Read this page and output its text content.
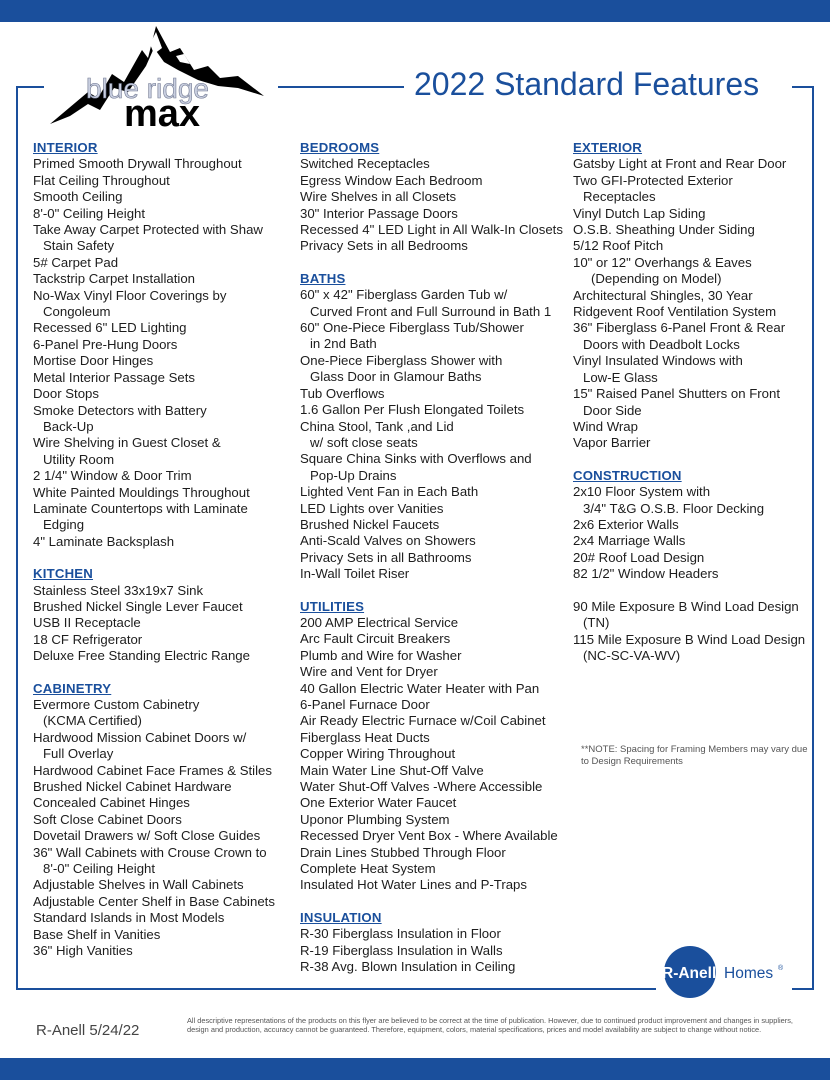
blue ridge
max
2022 Standard Features
INTERIOR
Primed Smooth Drywall Throughout
Flat Ceiling Throughout
Smooth Ceiling
8'-0" Ceiling Height
Take Away Carpet Protected with Shaw
Stain Safety
5# Carpet Pad
Tackstrip Carpet Installation
No-Wax Vinyl Floor Coverings by
Congoleum
Recessed 6" LED Lighting
6-Panel Pre-Hung Doors
Mortise Door Hinges
Metal Interior Passage Sets
Door Stops
Smoke Detectors with Battery
Back-Up
Wire Shelving in Guest Closet &
Utility Room
2 1/4" Window & Door Trim
White Painted Mouldings Throughout
Laminate Countertops with Laminate
Edging
4" Laminate Backsplash
KITCHEN
Stainless Steel 33x19x7 Sink
Brushed Nickel Single Lever Faucet
USB II Receptacle
18 CF Refrigerator
Deluxe Free Standing Electric Range
CABINETRY
Evermore Custom Cabinetry
(KCMA Certified)
Hardwood Mission Cabinet Doors w/
Full Overlay
Hardwood Cabinet Face Frames & Stiles
Brushed Nickel Cabinet Hardware
Concealed Cabinet Hinges
Soft Close Cabinet Doors
Dovetail Drawers w/ Soft Close Guides
36" Wall Cabinets with Crouse Crown to
8'-0" Ceiling Height
Adjustable Shelves in Wall Cabinets
Adjustable Center Shelf in Base Cabinets
Standard Islands in Most Models
Base Shelf in Vanities
36" High Vanities
BEDROOMS
Switched Receptacles
Egress Window Each Bedroom
Wire Shelves in all Closets
30" Interior Passage Doors
Recessed 4" LED Light in All Walk-In Closets
Privacy Sets in all Bedrooms
BATHS
60" x 42" Fiberglass Garden Tub w/
Curved Front and Full Surround in Bath 1
60" One-Piece Fiberglass Tub/Shower
in 2nd Bath
One-Piece Fiberglass Shower with
Glass Door in Glamour Baths
Tub Overflows
1.6 Gallon Per Flush Elongated Toilets
China Stool, Tank ,and Lid
w/ soft close seats
Square China Sinks with Overflows and
Pop-Up Drains
Lighted Vent Fan in Each Bath
LED Lights over Vanities
Brushed Nickel Faucets
Anti-Scald Valves on Showers
Privacy Sets in all Bathrooms
In-Wall Toilet Riser
UTILITIES
200 AMP Electrical Service
Arc Fault Circuit Breakers
Plumb and Wire for Washer
Wire and Vent for Dryer
40 Gallon Electric Water Heater with Pan
6-Panel Furnace Door
Air Ready Electric Furnace w/Coil Cabinet
Fiberglass Heat Ducts
Copper Wiring Throughout
Main Water Line Shut-Off Valve
Water Shut-Off Valves -Where Accessible
One Exterior Water Faucet
Uponor Plumbing System
Recessed Dryer Vent Box - Where Available
Drain Lines Stubbed Through Floor
Complete Heat System
Insulated Hot Water Lines and P-Traps
INSULATION
R-30 Fiberglass Insulation in Floor
R-19 Fiberglass Insulation in Walls
R-38 Avg. Blown Insulation in Ceiling
EXTERIOR
Gatsby Light at Front and Rear Door
Two GFI-Protected Exterior
Receptacles
Vinyl Dutch Lap Siding
O.S.B. Sheathing Under Siding
5/12 Roof Pitch
10" or 12" Overhangs & Eaves
(Depending on Model)
Architectural Shingles, 30 Year
Ridgevent Roof Ventilation System
36" Fiberglass 6-Panel Front & Rear
Doors with Deadbolt Locks
Vinyl Insulated Windows with
Low-E Glass
15" Raised Panel Shutters on Front
Door Side
Wind Wrap
Vapor Barrier
CONSTRUCTION
2x10 Floor System with
3/4" T&G O.S.B. Floor Decking
2x6 Exterior Walls
2x4 Marriage Walls
20# Roof Load Design
82 1/2" Window Headers
90 Mile Exposure B Wind Load Design
(TN)
115 Mile Exposure B Wind Load Design
(NC-SC-VA-WV)
**NOTE: Spacing for Framing Members may vary due to Design Requirements
R-Anell Homes ®
R-Anell 5/24/22
All descriptive representations of the products on this flyer are believed to be correct at the time of publication. However, due to continued product improvement and changes in suppliers, design and production, accuracy cannot be guaranteed. Therefore, equipment, colors, material specifications, prices and model availability are subject to change without notice.
